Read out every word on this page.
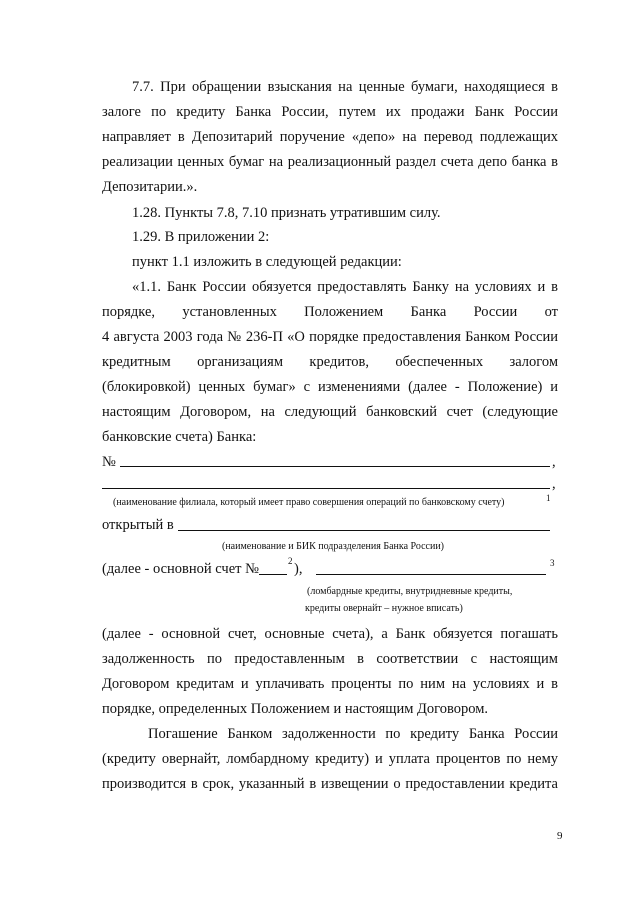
7.7. При обращении взыскания на ценные бумаги, находящиеся в
залоге по кредиту Банка России, путем их продажи Банк России
направляет в Депозитарий поручение «депо» на перевод подлежащих
реализации ценных бумаг на реализационный раздел счета депо банка в
Депозитарии.».
1.28. Пункты 7.8, 7.10 признать утратившим силу.
1.29. В приложении 2:
пункт 1.1 изложить в следующей редакции:
«1.1. Банк России обязуется предоставлять Банку на условиях и в
порядке, установленных Положением Банка России от
4 августа 2003 года № 236-П «О порядке предоставления Банком России
кредитным организациям кредитов, обеспеченных залогом
(блокировкой) ценных бумаг» с изменениями (далее - Положение) и
настоящим Договором, на следующий банковский счет (следующие
банковские счета) Банка:
№	,
,
(наименование филиала, который имеет право совершения операций по банковскому счету)	1
открытый в
(наименование и БИК подразделения Банка России)
(далее - основной счет №	2 ),	3
(ломбардные кредиты, внутридневные кредиты,
кредиты овернайт – нужное вписать)
(далее - основной счет, основные счета), а Банк обязуется погашать
задолженность по предоставленным в соответствии с настоящим
Договором кредитам и уплачивать проценты по ним на условиях и в
порядке, определенных Положением и настоящим Договором.
Погашение Банком задолженности по кредиту Банка России
(кредиту овернайт, ломбардному кредиту) и уплата процентов по нему
производится в срок, указанный в извещении о предоставлении кредита
9
